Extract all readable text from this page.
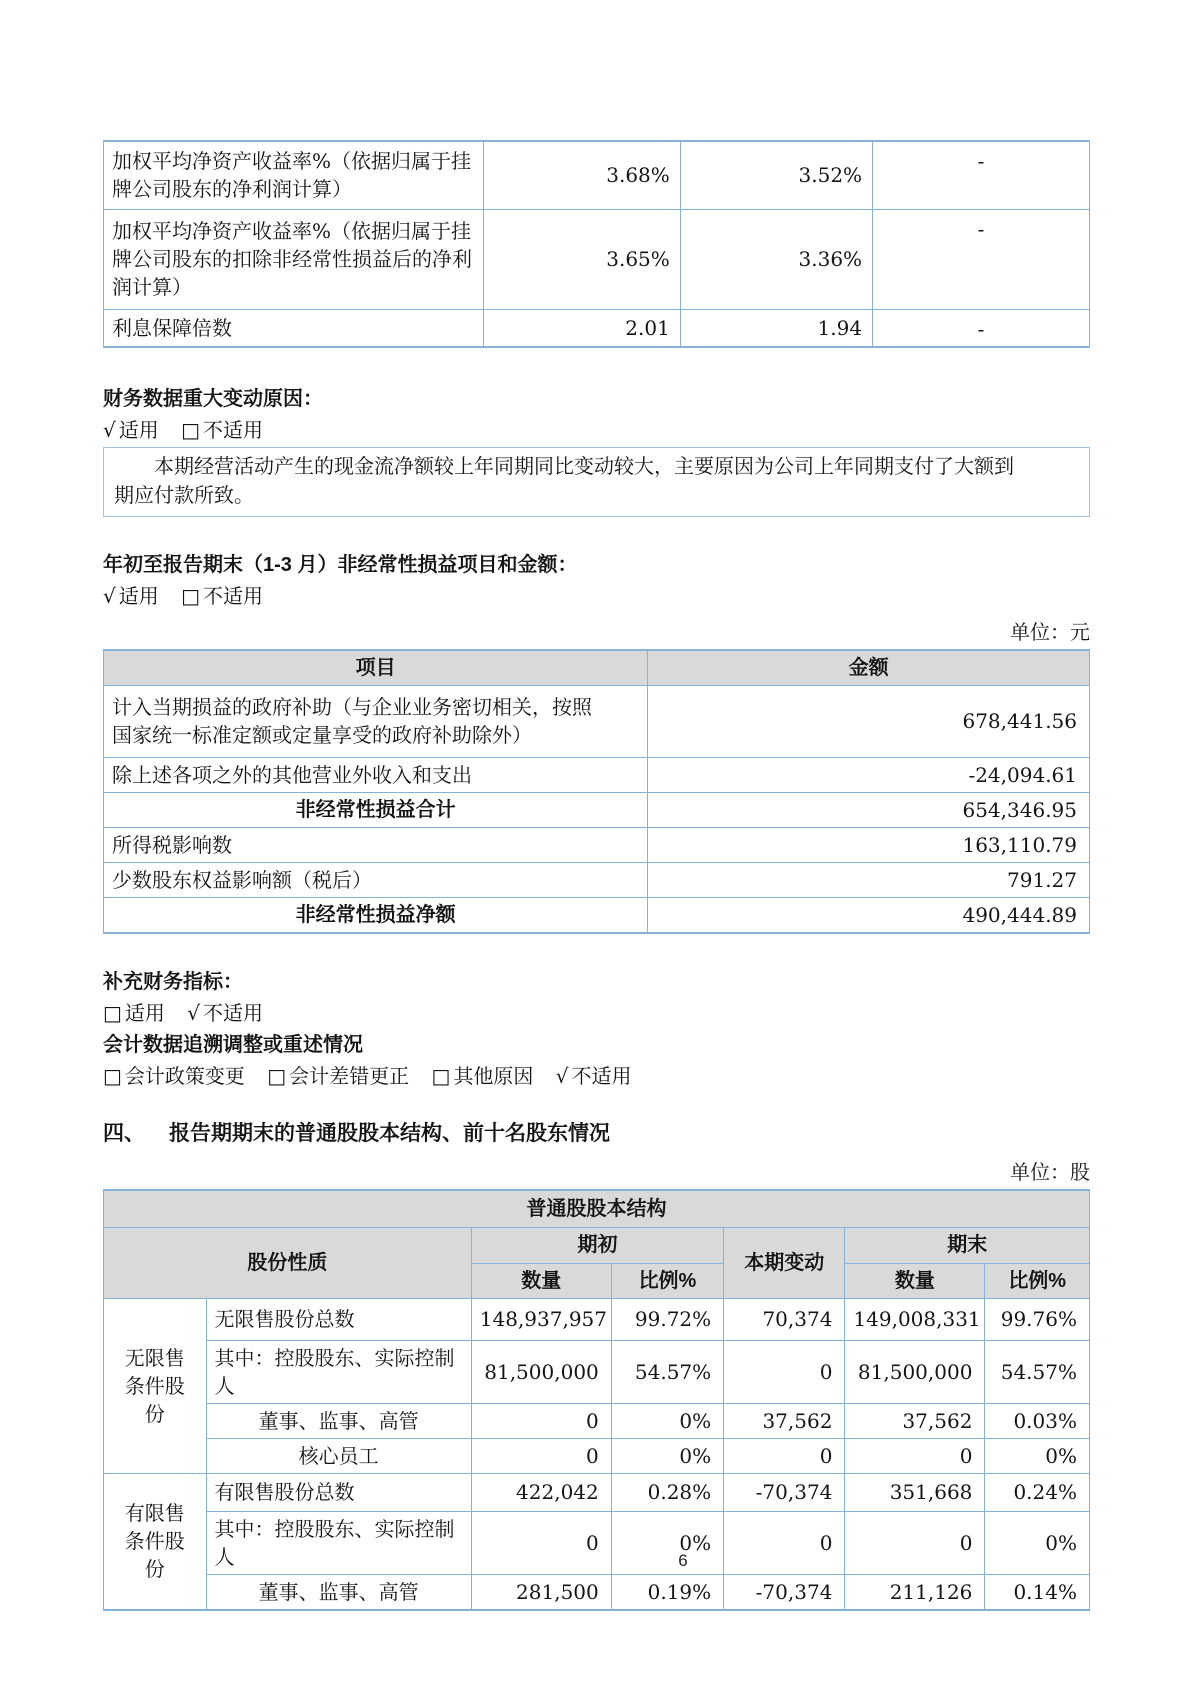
加权平均净资产收益率%（依据归属于挂牌公司股东的净利润计算）	3.68%	3.52%	-
加权平均净资产收益率%（依据归属于挂牌公司股东的扣除非经常性损益后的净利润计算）	3.65%	3.36%	-
利息保障倍数	2.01	1.94	-
财务数据重大变动原因：
√ 适用 □ 不适用
本期经营活动产生的现金流净额较上年同期同比变动较大，主要原因为公司上年同期支付了大额到期应付款所致。
年初至报告期末（1-3 月）非经常性损益项目和金额：
√ 适用 □ 不适用
单位：元
项目	金额
计入当期损益的政府补助（与企业业务密切相关，按照国家统一标准定额或定量享受的政府补助除外）	678,441.56
除上述各项之外的其他营业外收入和支出	-24,094.61
非经常性损益合计	654,346.95
所得税影响数	163,110.79
少数股东权益影响额（税后）	791.27
非经常性损益净额	490,444.89
补充财务指标：
□ 适用 √ 不适用
会计数据追溯调整或重述情况
□ 会计政策变更 □ 会计差错更正 □ 其他原因 √ 不适用
四、 报告期期末的普通股股本结构、前十名股东情况
单位：股
普通股股本结构						
股份性质		期初		本期变动	期末	
		数量	比例%		数量	比例%
无限售条件股份	无限售股份总数	148,937,957	99.72%	70,374	149,008,331	99.76%
	其中：控股股东、实际控制人	81,500,000	54.57%	0	81,500,000	54.57%
	董事、监事、高管	0	0%	37,562	37,562	0.03%
	核心员工	0	0%	0	0	0%
有限售条件股份	有限售股份总数	422,042	0.28%	-70,374	351,668	0.24%
	其中：控股股东、实际控制人	0	0%	0	0	0%
	董事、监事、高管	281,500	0.19%	-70,374	211,126	0.14%
6
